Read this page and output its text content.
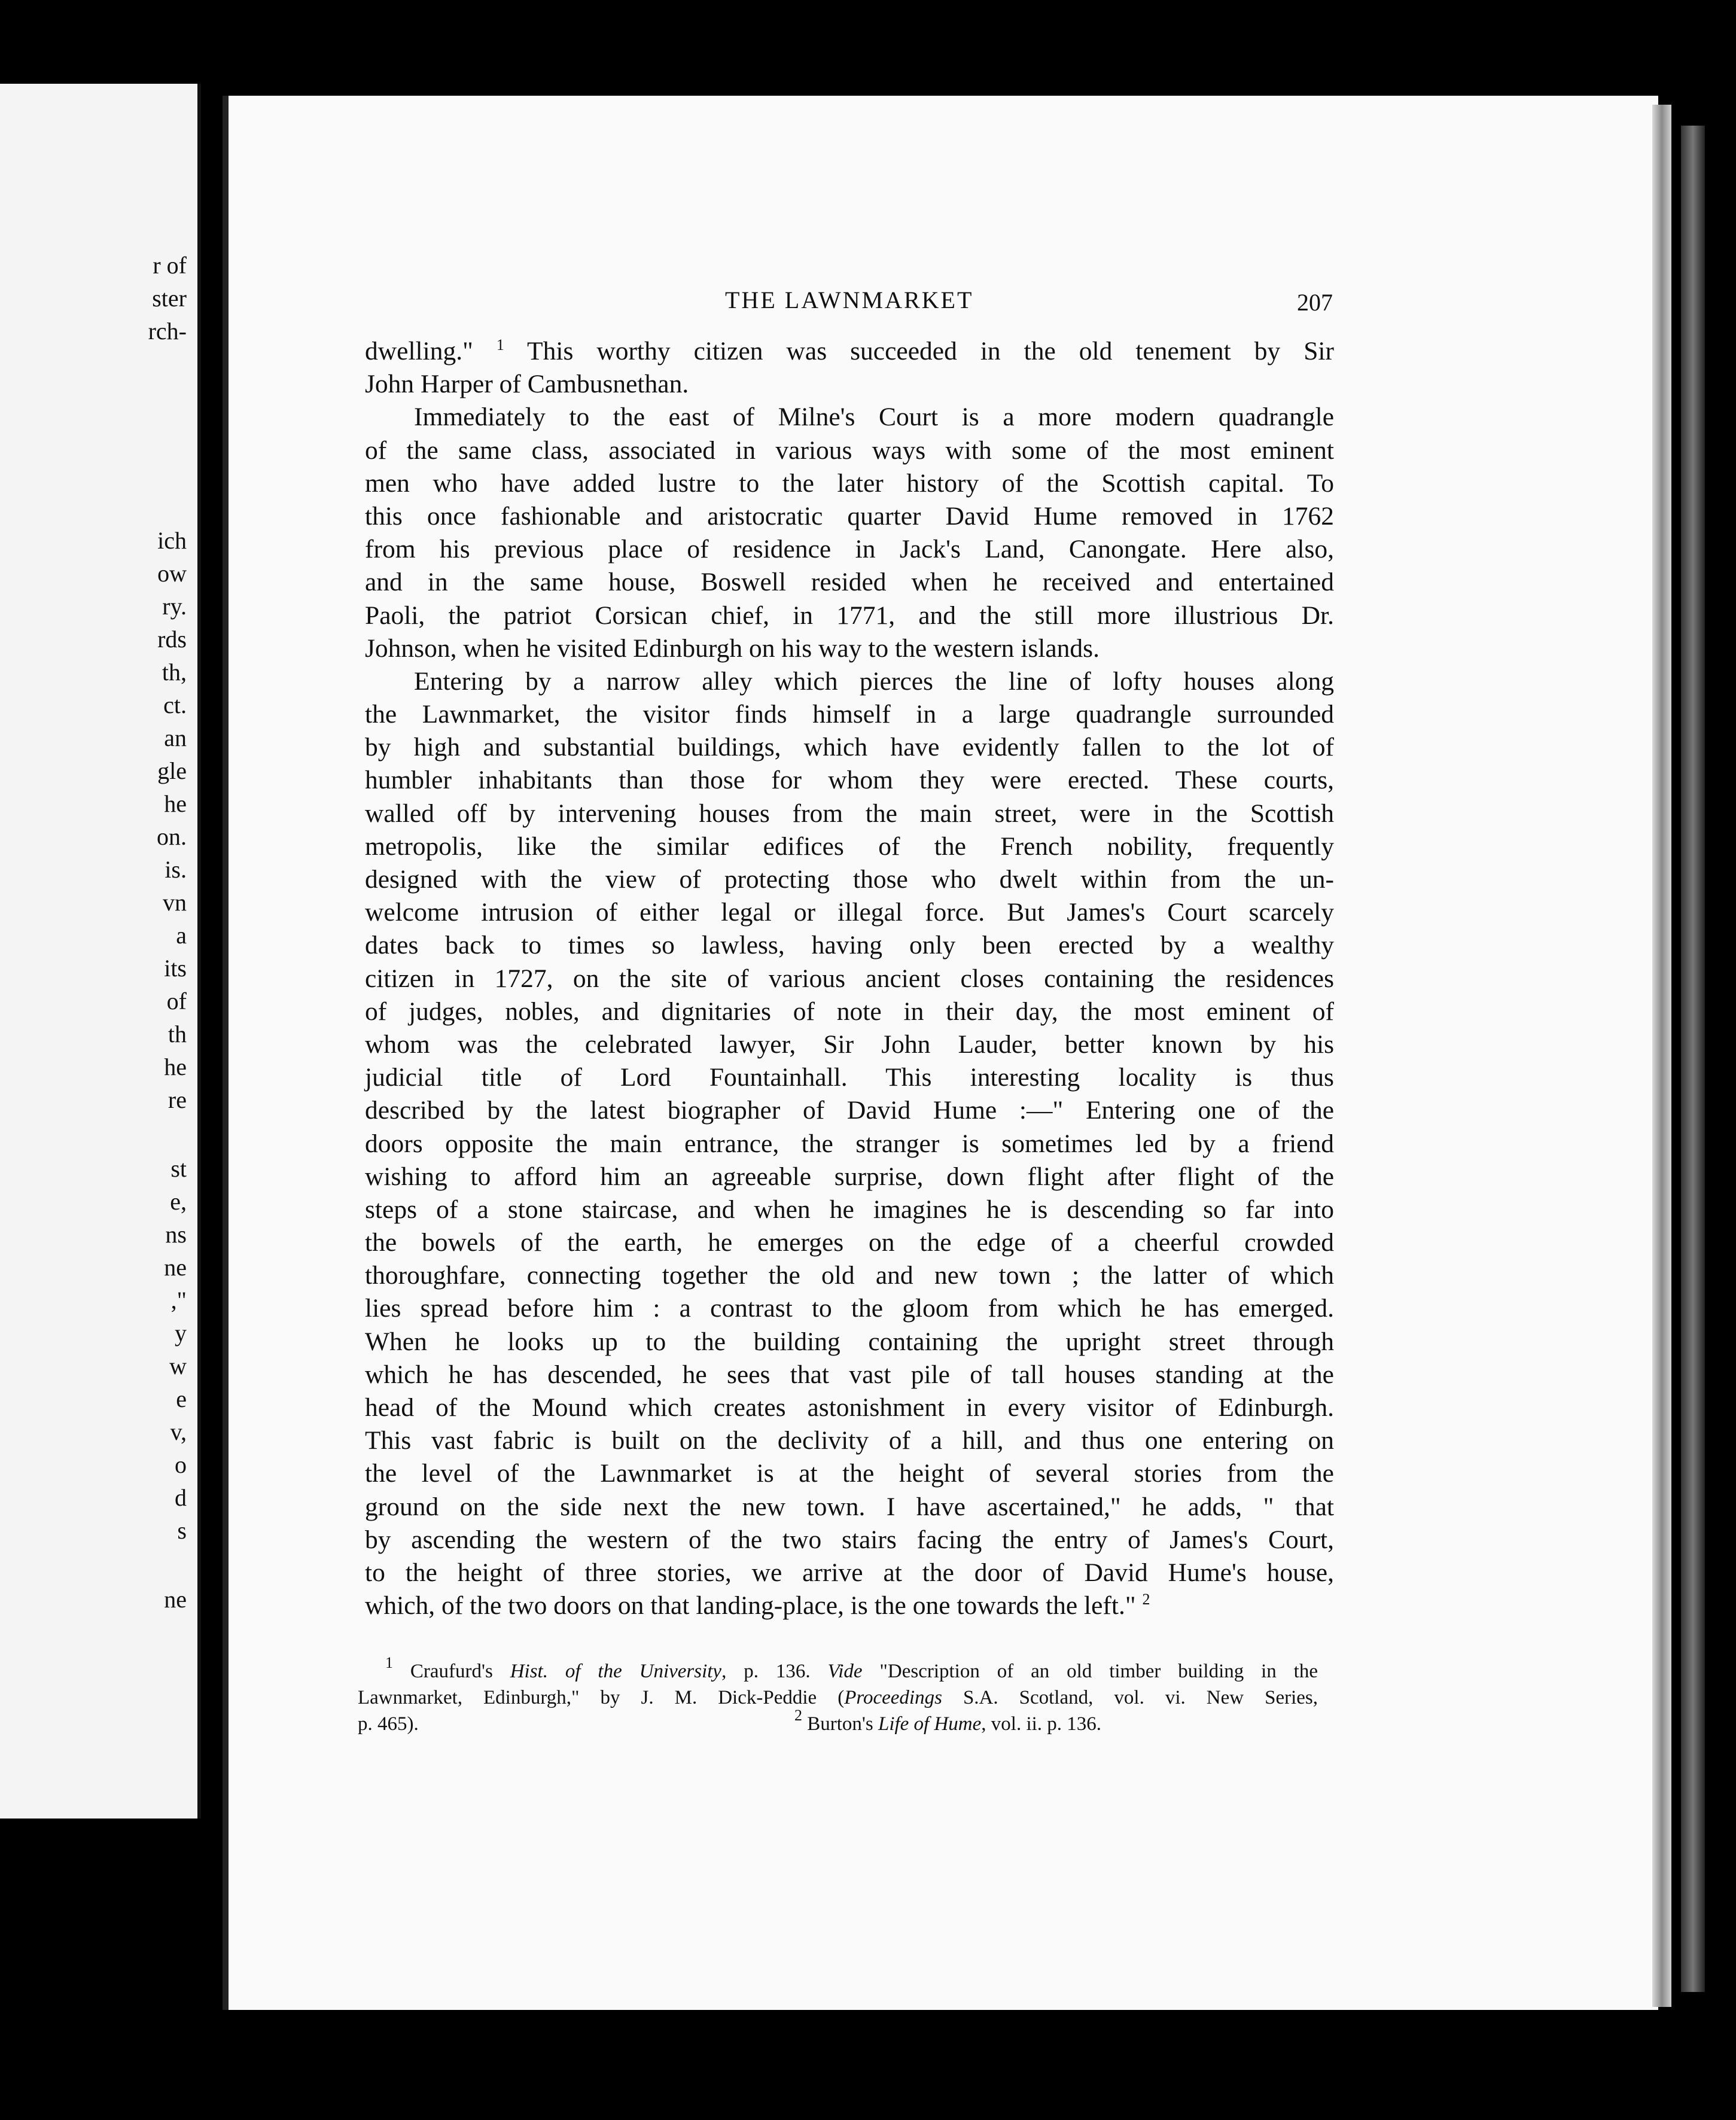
r of
ster
rch-
ich
ow
ry.
rds
th,
ct.
an
gle
he
on.
is.
vn
a
its
of
th
he
re
st
e,
ns
ne
,"
y
w
e
v,
o
d
s
ne
THE LAWNMARKET	207
dwelling." $^1$ This worthy citizen was succeeded in the old tenement by Sir
John Harper of Cambusnethan.
Immediately to the east of Milne's Court is a more modern quadrangle
of the same class, associated in various ways with some of the most eminent
men who have added lustre to the later history of the Scottish capital. To
this once fashionable and aristocratic quarter David Hume removed in 1762
from his previous place of residence in Jack's Land, Canongate. Here also,
and in the same house, Boswell resided when he received and entertained
Paoli, the patriot Corsican chief, in 1771, and the still more illustrious Dr.
Johnson, when he visited Edinburgh on his way to the western islands.
Entering by a narrow alley which pierces the line of lofty houses along
the Lawnmarket, the visitor finds himself in a large quadrangle surrounded
by high and substantial buildings, which have evidently fallen to the lot of
humbler inhabitants than those for whom they were erected. These courts,
walled off by intervening houses from the main street, were in the Scottish
metropolis, like the similar edifices of the French nobility, frequently
designed with the view of protecting those who dwelt within from the un-
welcome intrusion of either legal or illegal force. But James's Court scarcely
dates back to times so lawless, having only been erected by a wealthy
citizen in 1727, on the site of various ancient closes containing the residences
of judges, nobles, and dignitaries of note in their day, the most eminent of
whom was the celebrated lawyer, Sir John Lauder, better known by his
judicial title of Lord Fountainhall. This interesting locality is thus
described by the latest biographer of David Hume :—" Entering one of the
doors opposite the main entrance, the stranger is sometimes led by a friend
wishing to afford him an agreeable surprise, down flight after flight of the
steps of a stone staircase, and when he imagines he is descending so far into
the bowels of the earth, he emerges on the edge of a cheerful crowded
thoroughfare, connecting together the old and new town ; the latter of which
lies spread before him : a contrast to the gloom from which he has emerged.
When he looks up to the building containing the upright street through
which he has descended, he sees that vast pile of tall houses standing at the
head of the Mound which creates astonishment in every visitor of Edinburgh.
This vast fabric is built on the declivity of a hill, and thus one entering on
the level of the Lawnmarket is at the height of several stories from the
ground on the side next the new town. I have ascertained," he adds, " that
by ascending the western of the two stairs facing the entry of James's Court,
to the height of three stories, we arrive at the door of David Hume's house,
which, of the two doors on that landing-place, is the one towards the left." $^2$
$^1$ Craufurd's Hist. of the University, p. 136. Vide "Description of an old timber building in the
Lawnmarket, Edinburgh," by J. M. Dick-Peddie (Proceedings S.A. Scotland, vol. vi. New Series,
p. 465).	$^2$ Burton's Life of Hume, vol. ii. p. 136.
